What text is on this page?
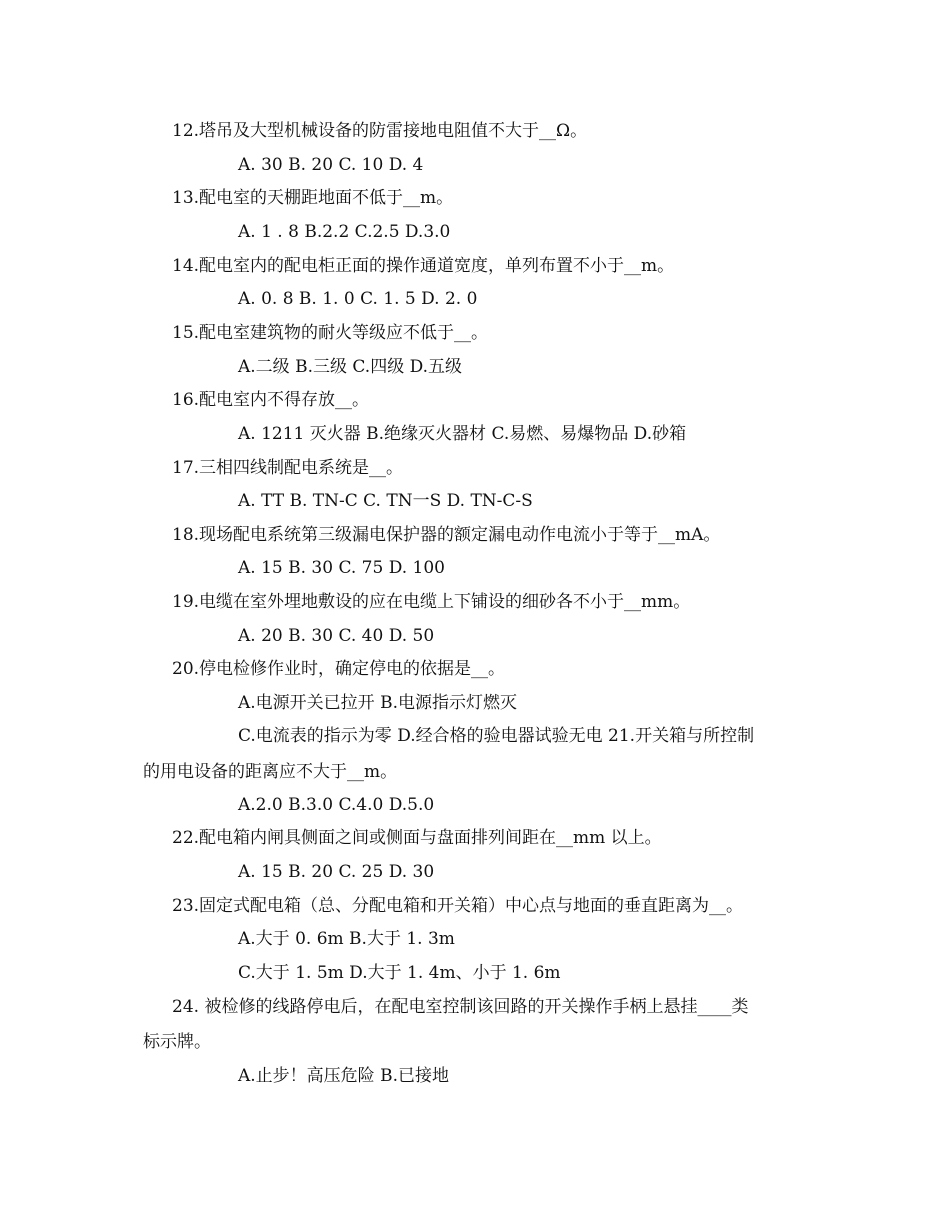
12.塔吊及大型机械设备的防雷接地电阻值不大于__Ω。
A. 30 B. 20 C. 10 D. 4
13.配电室的天棚距地面不低于__m。
A. 1 . 8 B.2.2 C.2.5 D.3.0
14.配电室内的配电柜正面的操作通道宽度，单列布置不小于__m。
A. 0. 8 B. 1. 0 C. 1. 5 D. 2. 0
15.配电室建筑物的耐火等级应不低于__。
A.二级 B.三级 C.四级 D.五级
16.配电室内不得存放__。
A. 1211 灭火器 B.绝缘灭火器材 C.易燃、易爆物品 D.砂箱
17.三相四线制配电系统是__。
A. TT B. TN-C C. TN一S D. TN-C-S
18.现场配电系统第三级漏电保护器的额定漏电动作电流小于等于__mA。
A. 15 B. 30 C. 75 D. 100
19.电缆在室外埋地敷设的应在电缆上下铺设的细砂各不小于__mm。
A. 20 B. 30 C. 40 D. 50
20.停电检修作业时，确定停电的依据是__。
A.电源开关已拉开 B.电源指示灯燃灭
C.电流表的指示为零 D.经合格的验电器试验无电 21.开关箱与所控制
的用电设备的距离应不大于__m。
A.2.0 B.3.0 C.4.0 D.5.0
22.配电箱内闸具侧面之间或侧面与盘面排列间距在__mm 以上。
A. 15 B. 20 C. 25 D. 30
23.固定式配电箱（总、分配电箱和开关箱）中心点与地面的垂直距离为__。
A.大于 0. 6m B.大于 1. 3m
C.大于 1. 5m D.大于 1. 4m、小于 1. 6m
24. 被检修的线路停电后，在配电室控制该回路的开关操作手柄上悬挂____类
标示牌。
A.止步！高压危险 B.已接地
